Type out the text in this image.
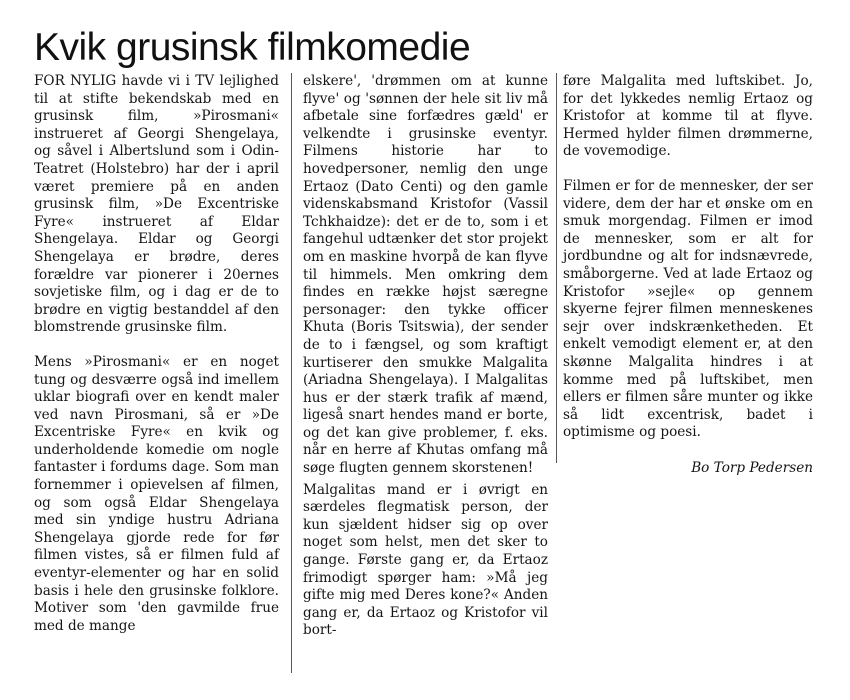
Kvik grusinsk filmkomedie

FOR NYLIG havde vi i TV lejlighed til at stifte bekendskab med en grusinsk film, »Pirosmani« instrueret af Georgi Shengelaya, og såvel i Albertslund som i Odin-Teatret (Holstebro) har der i april været premiere på en anden grusinsk film, »De Excentriske Fyre« instrueret af Eldar Shengelaya. Eldar og Georgi Shengelaya er brødre, deres forældre var pionerer i 20ernes sovjetiske film, og i dag er de to brødre en vigtig bestanddel af den blomstrende grusinske film.

Mens »Pirosmani« er en noget tung og desværre også ind imellem uklar biografi over en kendt maler ved navn Pirosmani, så er »De Excentriske Fyre« en kvik og underholdende komedie om nogle fantaster i fordums dage. Som man fornemmer i opievelsen af filmen, og som også Eldar Shengelaya med sin yndige hustru Adriana Shengelaya gjorde rede for før filmen vistes, så er filmen fuld af eventyr-elementer og har en solid basis i hele den grusinske folklore. Motiver som 'den gavmilde frue med de mange

elskere', 'drømmen om at kunne flyve' og 'sønnen der hele sit liv må afbetale sine forfædres gæld' er velkendte i grusinske eventyr. Filmens historie har to hovedpersoner, nemlig den unge Ertaoz (Dato Centi) og den gamle videnskabsmand Kristofor (Vassil Tchkhaidze): det er de to, som i et fangehul udtænker det stor projekt om en maskine hvorpå de kan flyve til himmels. Men omkring dem findes en række højst særegne personager: den tykke officer Khuta (Boris Tsitswia), der sender de to i fængsel, og som kraftigt kurtiserer den smukke Malgalita (Ariadna Shengelaya). I Malgalitas hus er der stærk trafik af mænd, ligeså snart hendes mand er borte, og det kan give problemer, f. eks. når en herre af Khutas omfang må søge flugten gennem skorstenen!

Malgalitas mand er i øvrigt en særdeles flegmatisk person, der kun sjældent hidser sig op over noget som helst, men det sker to gange. Første gang er, da Ertaoz frimodigt spørger ham: »Må jeg gifte mig med Deres kone?« Anden gang er, da Ertaoz og Kristofor vil bort-

føre Malgalita med luftskibet. Jo, for det lykkedes nemlig Ertaoz og Kristofor at komme til at flyve. Hermed hylder filmen drømmerne, de vovemodige.

Filmen er for de mennesker, der ser videre, dem der har et ønske om en smuk morgendag. Filmen er imod de mennesker, som er alt for jordbundne og alt for indsnævrede, småborgerne. Ved at lade Ertaoz og Kristofor »sejle« op gennem skyerne fejrer filmen menneskenes sejr over indskrænketheden. Et enkelt vemodigt element er, at den skønne Malgalita hindres i at komme med på luftskibet, men ellers er filmen såre munter og ikke så lidt excentrisk, badet i optimisme og poesi.

Bo Torp Pedersen
